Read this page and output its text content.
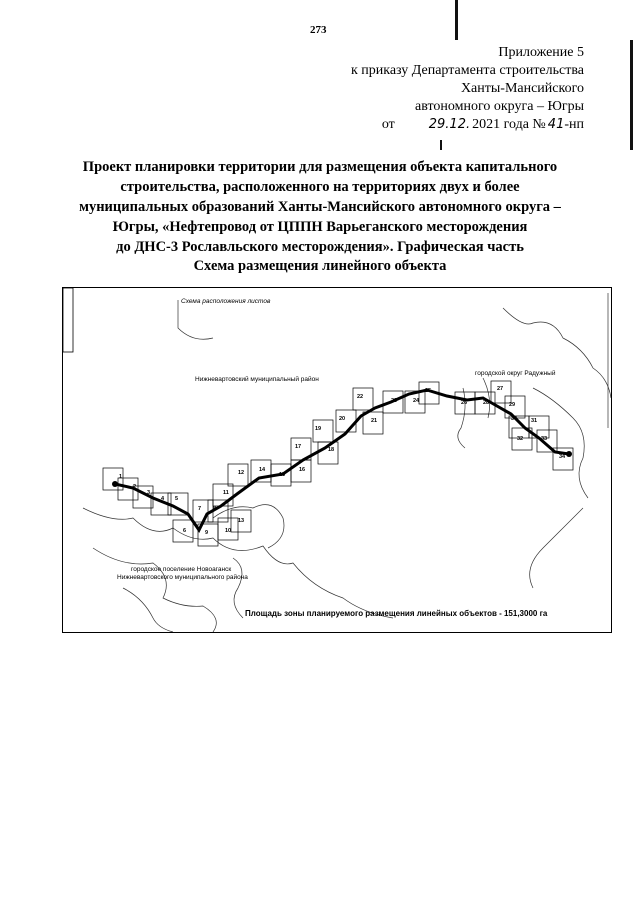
273
Приложение 5
к приказу Департамента строительства
Ханты-Мансийского
автономного округа – Югры
от	29.12. 2021 года № 41 -нп
Проект планировки территории для размещения объекта капитального
строительства, расположенного на территориях двух и более
муниципальных образований Ханты-Мансийского автономного округа –
Югры, «Нефтепровод от ЦППН Варьеганского месторождения
до ДНС-3 Рославльского месторождения». Графическая часть
Схема размещения линейного объекта
1
2
3
4 5
6
7 8
9	10
11
12
13
14
15
16
17	18
19
20	21
22
23	24
25
26	28
27
29
30	31
32	33
34
Схема расположения листов
Нижневартовский муниципальный район
городской округ Радужный
городское поселение Новоаганск
Нижневартовского муниципального района
Площадь зоны планируемого размещения линейных объектов - 151,3000 га
